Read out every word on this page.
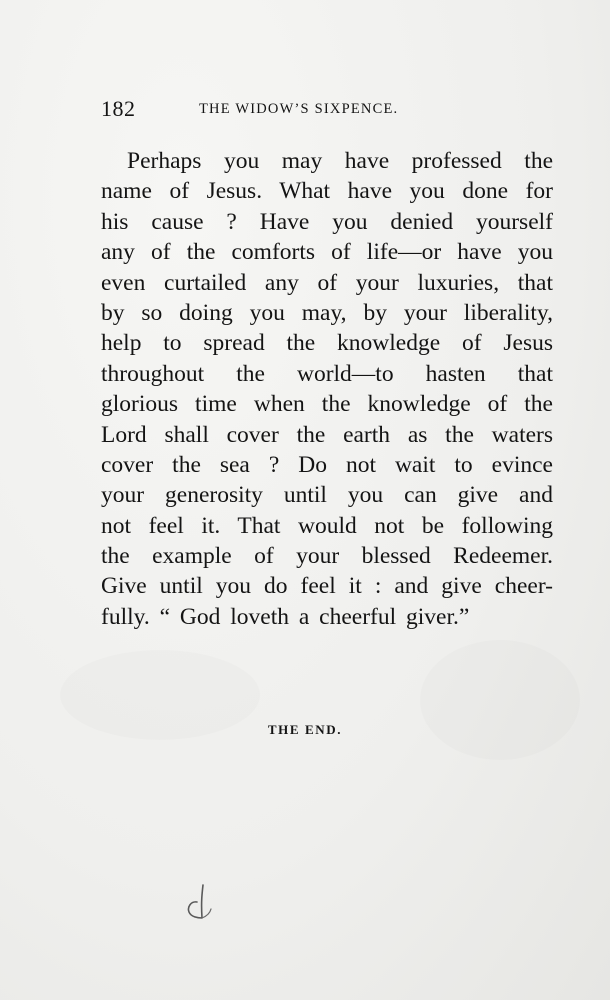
182	THE WIDOW’S SIXPENCE.
Perhaps you may have professed the
name of Jesus. What have you done for
his cause ? Have you denied yourself
any of the comforts of life—or have you
even curtailed any of your luxuries, that
by so doing you may, by your liberality,
help to spread the knowledge of Jesus
throughout the world—to hasten that
glorious time when the knowledge of the
Lord shall cover the earth as the waters
cover the sea ? Do not wait to evince
your generosity until you can give and
not feel it. That would not be following
the example of your blessed Redeemer.
Give until you do feel it : and give cheer-
fully. “ God loveth a cheerful giver.”
THE END.
